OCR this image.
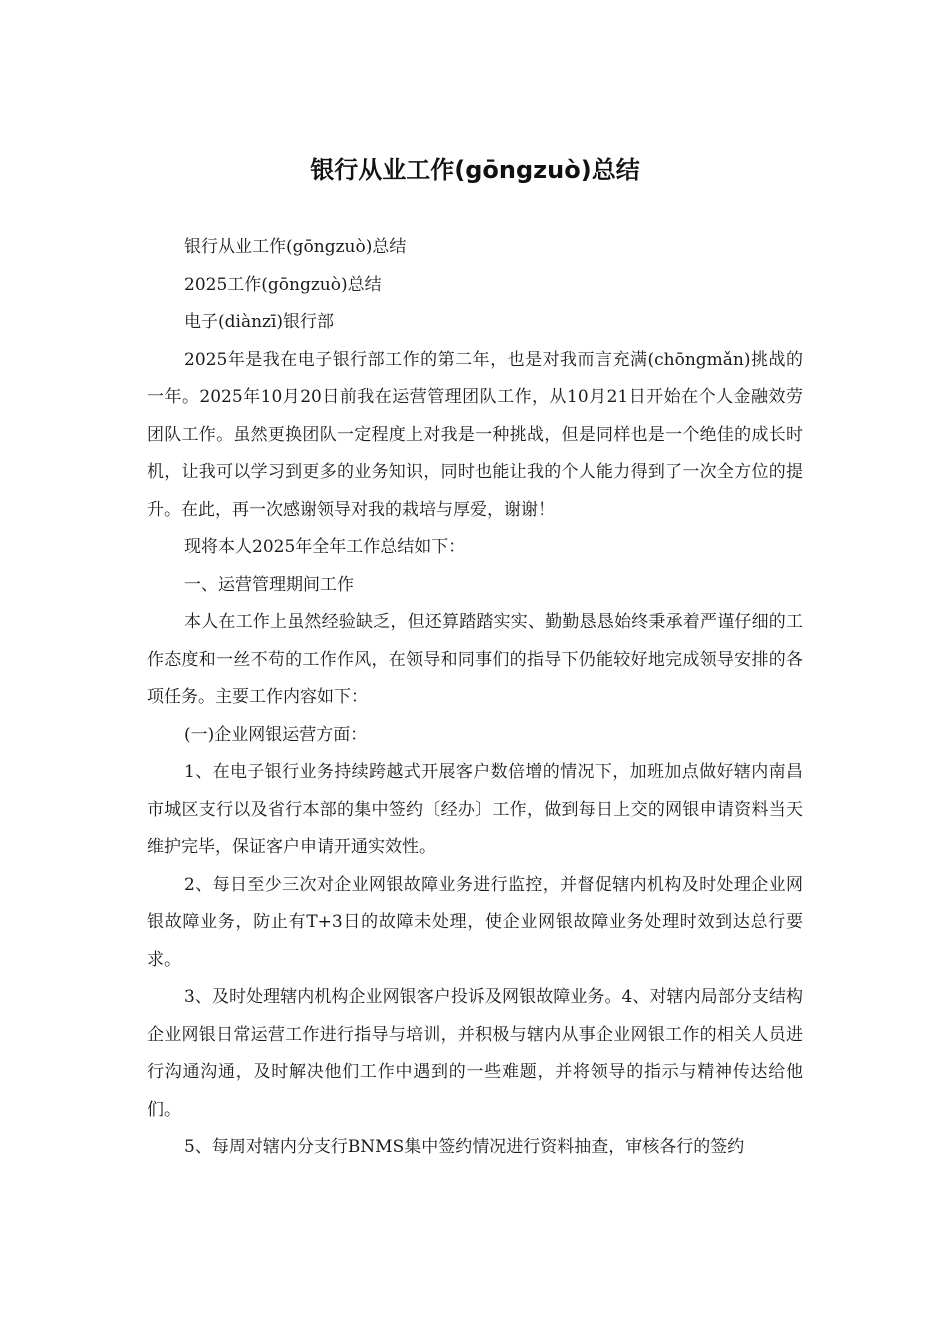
银行从业工作(gōngzuò)总结

银行从业工作(gōngzuò)总结

2025工作(gōngzuò)总结

电子(diànzī)银行部

2025年是我在电子银行部工作的第二年，也是对我而言充满(chōngmǎn)挑战的一年。2025年10月20日前我在运营管理团队工作，从10月21日开始在个人金融效劳团队工作。虽然更换团队一定程度上对我是一种挑战，但是同样也是一个绝佳的成长时机，让我可以学习到更多的业务知识，同时也能让我的个人能力得到了一次全方位的提升。在此，再一次感谢领导对我的栽培与厚爱，谢谢！

现将本人2025年全年工作总结如下：

一、运营管理期间工作

本人在工作上虽然经验缺乏，但还算踏踏实实、勤勤恳恳始终秉承着严谨仔细的工作态度和一丝不苟的工作作风，在领导和同事们的指导下仍能较好地完成领导安排的各项任务。主要工作内容如下：

(一)企业网银运营方面：

1、在电子银行业务持续跨越式开展客户数倍增的情况下，加班加点做好辖内南昌市城区支行以及省行本部的集中签约〔经办〕工作，做到每日上交的网银申请资料当天维护完毕，保证客户申请开通实效性。

2、每日至少三次对企业网银故障业务进行监控，并督促辖内机构及时处理企业网银故障业务，防止有T+3日的故障未处理，使企业网银故障业务处理时效到达总行要求。

3、及时处理辖内机构企业网银客户投诉及网银故障业务。4、对辖内局部分支结构企业网银日常运营工作进行指导与培训，并积极与辖内从事企业网银工作的相关人员进行沟通沟通，及时解决他们工作中遇到的一些难题，并将领导的指示与精神传达给他们。

5、每周对辖内分支行BNMS集中签约情况进行资料抽查，审核各行的签约
